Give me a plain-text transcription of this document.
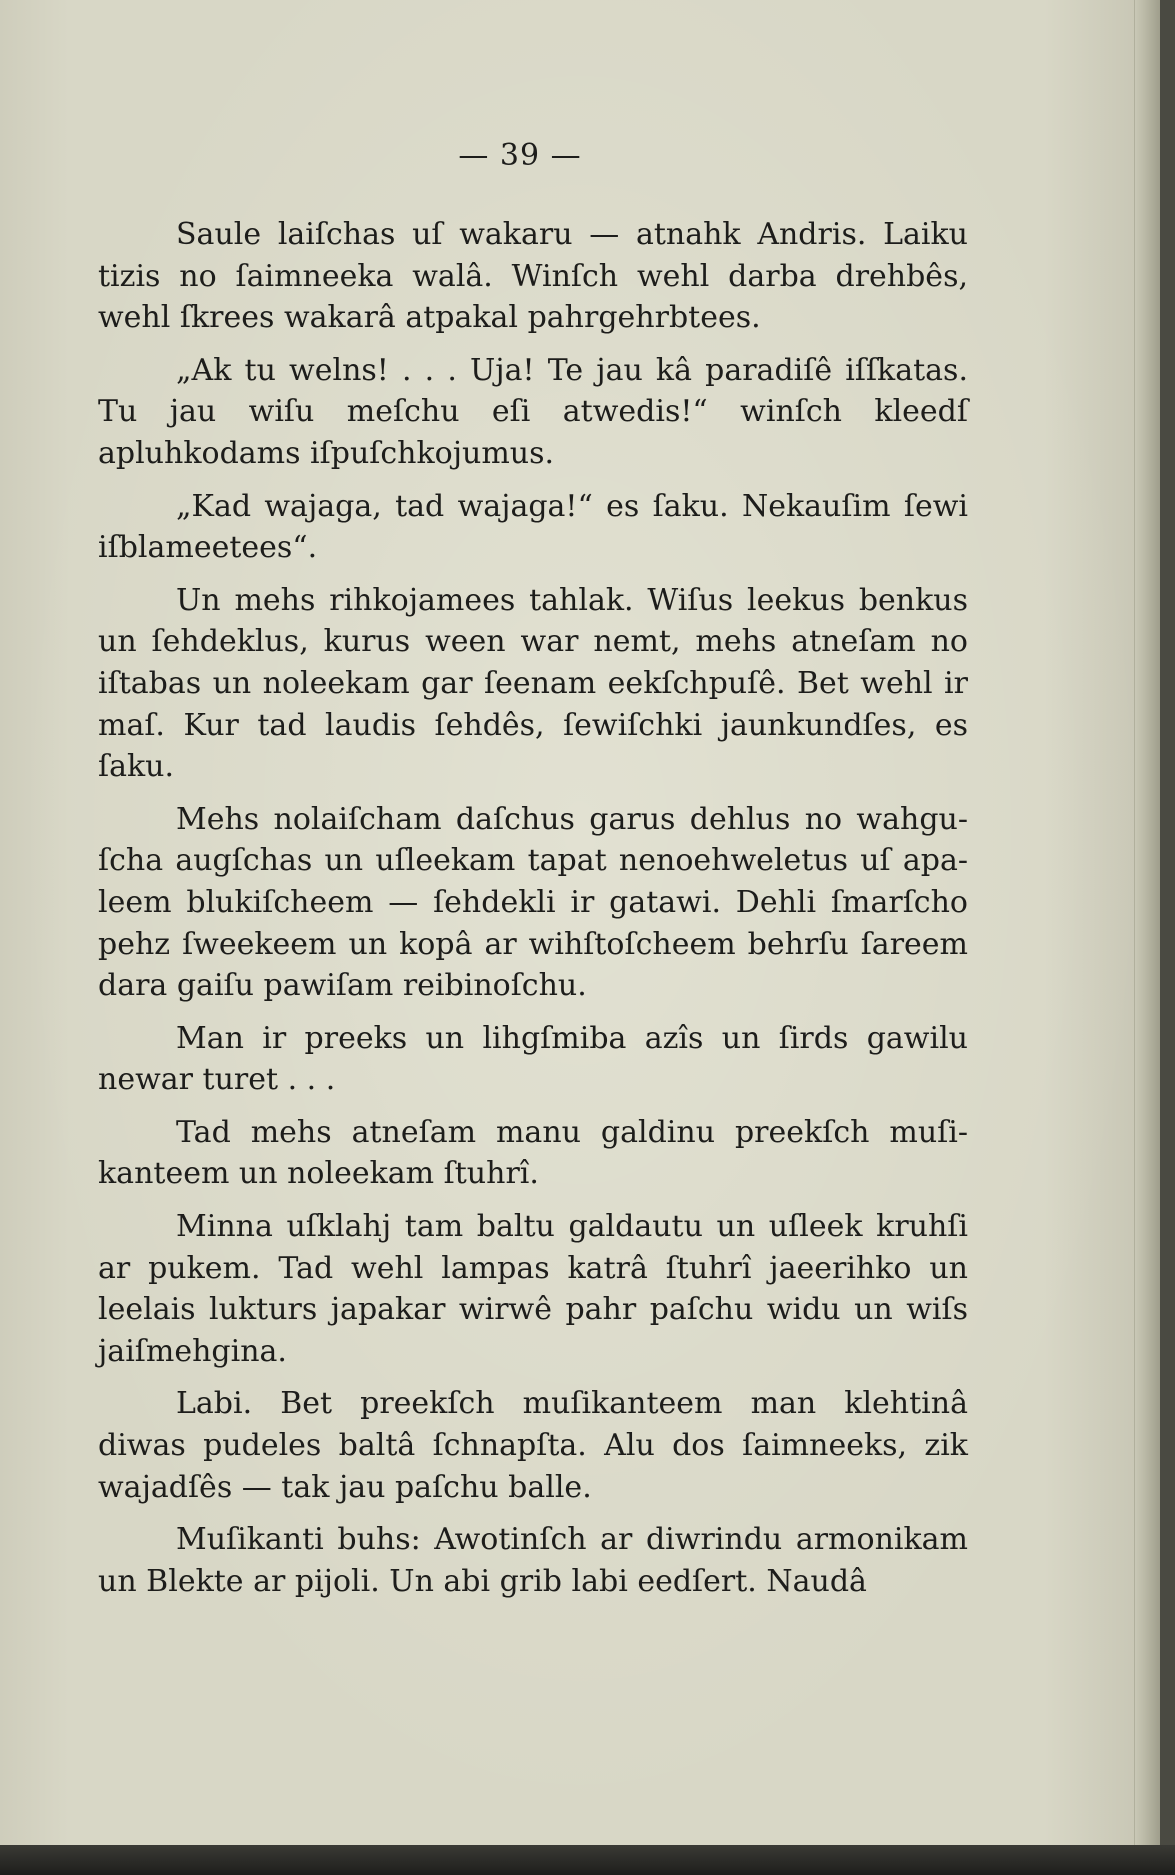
— 39 —

Saule laiſchas uſ wakaru — atnahk Andris. Laiku tizis no ſaimneeka walâ. Winſch wehl darba drehbês, wehl ſkrees wakarâ atpakal pahrgehrbtees.

„Ak tu welns! . . . Uja! Te jau kâ paradiſê iſſkatas. Tu jau wiſu meſchu eſi atwedis!“ winſch kleedſ apluhkodams iſpuſchkojumus.

„Kad wajaga, tad wajaga!“ es ſaku. Nekauſim ſewi iſblameetees“.

Un mehs rihkojamees tahlak. Wiſus leekus benkus un ſehdeklus, kurus ween war nemt, mehs atneſam no iſtabas un noleekam gar ſeenam eekſchpuſê. Bet wehl ir maſ. Kur tad laudis ſehdês, ſewiſchki jaunkundſes, es ſaku.

Mehs nolaiſcham daſchus garus dehlus no wahguſcha augſchas un uſleekam tapat nenoehweletus uſ apaleem blukiſcheem — ſehdekli ir gatawi. Dehli ſmarſcho pehz ſweekeem un kopâ ar wihſtoſcheem behrſu ſareem dara gaiſu pawiſam reibinoſchu.

Man ir preeks un lihgſmiba azîs un ſirds gawilu newar turet . . .

Tad mehs atneſam manu galdinu preekſch muſikanteem un noleekam ſtuhrî.

Minna uſklahj tam baltu galdautu un uſleek kruhſi ar pukem. Tad wehl lampas katrâ ſtuhrî jaeerihko un leelais lukturs japakar wirwê pahr paſchu widu un wiſs jaiſmehgina.

Labi. Bet preekſch muſikanteem man klehtinâ diwas pudeles baltâ ſchnapſta. Alu dos ſaimneeks, zik wajadſês — tak jau paſchu balle.

Muſikanti buhs: Awotinſch ar diwrindu armonikam un Blekte ar pijoli. Un abi grib labi eedſert. Naudâ
